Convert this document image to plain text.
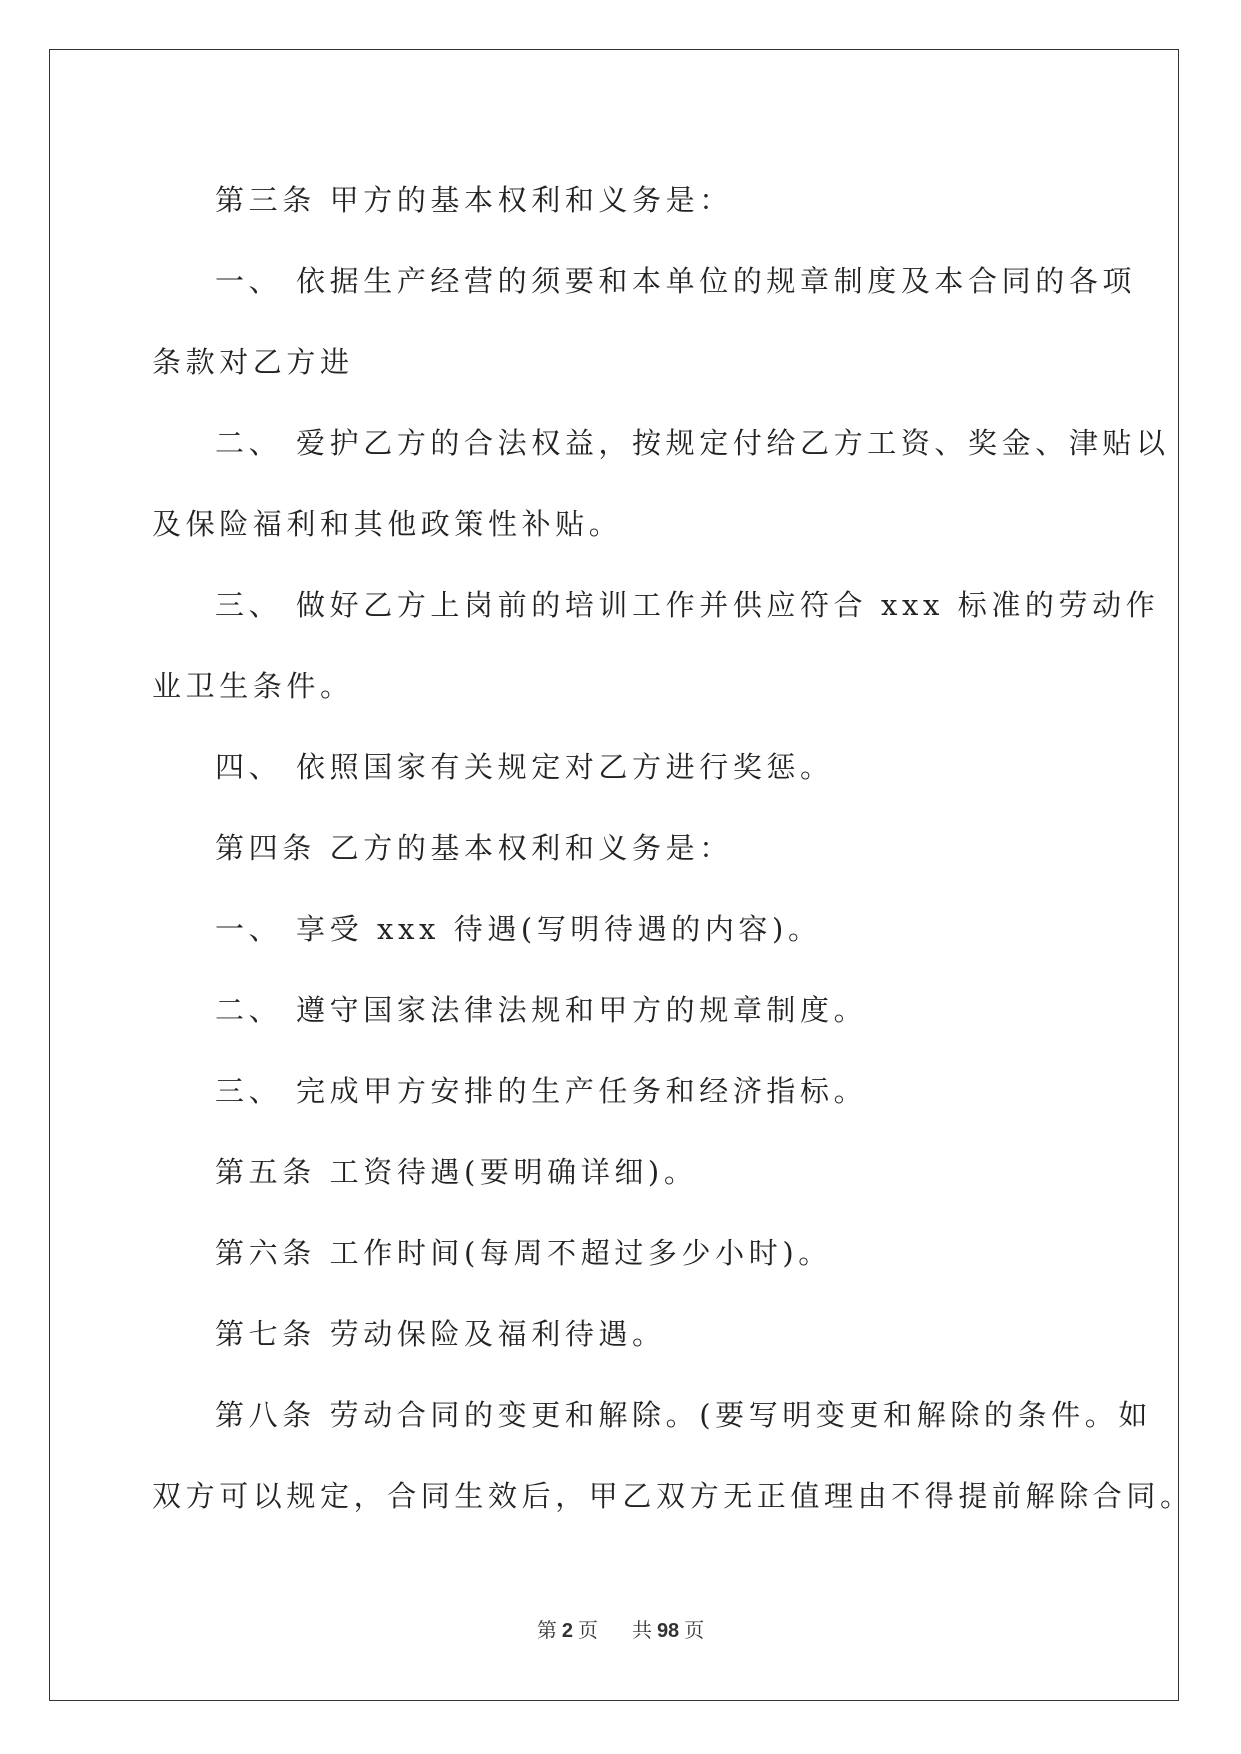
第三条 甲方的基本权利和义务是：
一、 依据生产经营的须要和本单位的规章制度及本合同的各项
条款对乙方进
二、 爱护乙方的合法权益，按规定付给乙方工资、奖金、津贴以
及保险福利和其他政策性补贴。
三、 做好乙方上岗前的培训工作并供应符合 xxx 标准的劳动作
业卫生条件。
四、 依照国家有关规定对乙方进行奖惩。
第四条 乙方的基本权利和义务是：
一、 享受 xxx 待遇(写明待遇的内容)。
二、 遵守国家法律法规和甲方的规章制度。
三、 完成甲方安排的生产任务和经济指标。
第五条 工资待遇(要明确详细)。
第六条 工作时间(每周不超过多少小时)。
第七条 劳动保险及福利待遇。
第八条 劳动合同的变更和解除。(要写明变更和解除的条件。如
双方可以规定，合同生效后，甲乙双方无正值理由不得提前解除合同。
第 2 页 共 98 页
